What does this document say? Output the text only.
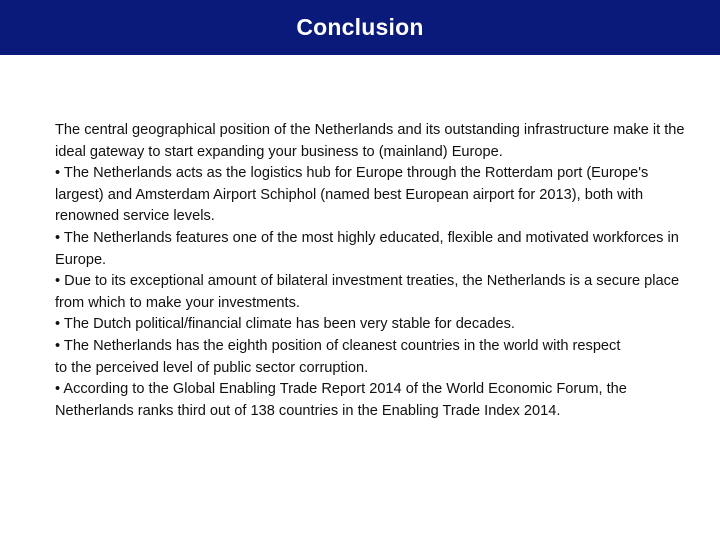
Conclusion

The central geographical position of the Netherlands and its outstanding infrastructure make it the ideal gateway to start expanding your business to (mainland) Europe.

• The Netherlands acts as the logistics hub for Europe through the Rotterdam port (Europe's largest) and Amsterdam Airport Schiphol (named best European airport for 2013), both with renowned service levels.

• The Netherlands features one of the most highly educated, flexible and motivated workforces in Europe.

• Due to its exceptional amount of bilateral investment treaties, the Netherlands is a secure place from which to make your investments.

• The Dutch political/financial climate has been very stable for decades.

• The Netherlands has the eighth position of cleanest countries in the world with respect

to the perceived level of public sector corruption.

• According to the Global Enabling Trade Report 2014 of the World Economic Forum, the Netherlands ranks third out of 138 countries in the Enabling Trade Index 2014.
